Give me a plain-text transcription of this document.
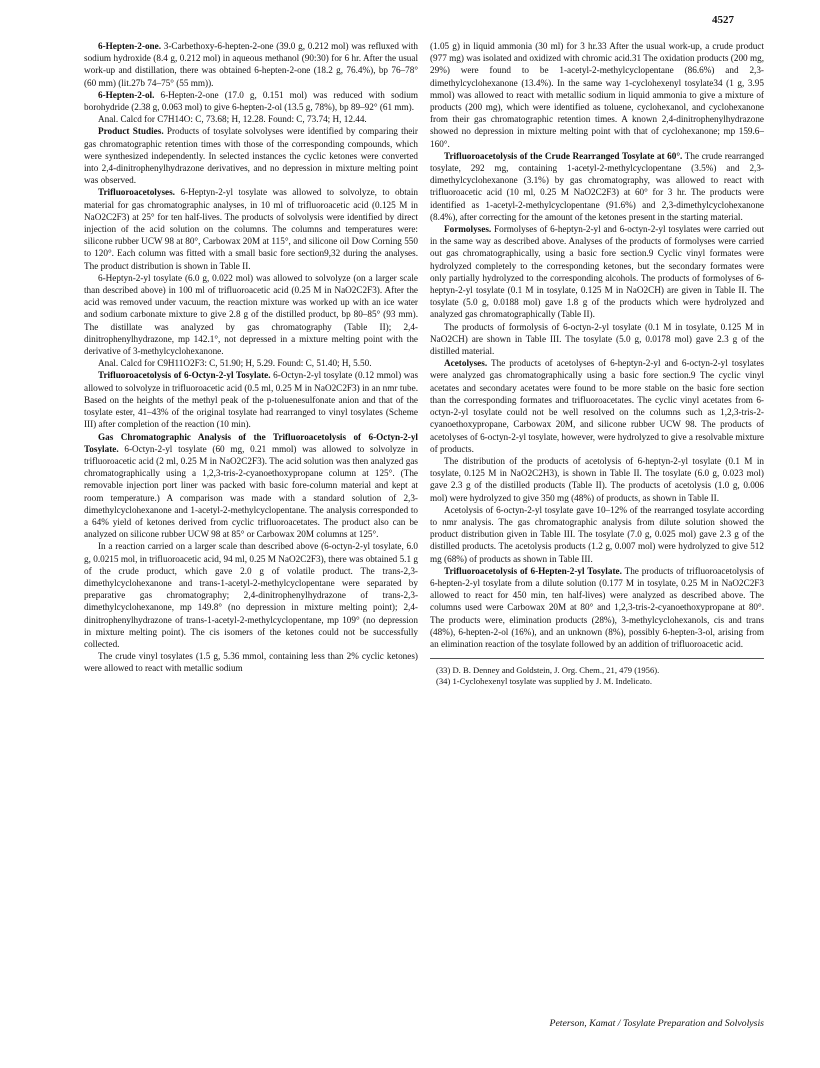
4527

6-Hepten-2-one. 3-Carbethoxy-6-hepten-2-one (39.0 g, 0.212 mol) was refluxed with sodium hydroxide (8.4 g, 0.212 mol) in aqueous methanol (90:30) for 6 hr. After the usual work-up and distillation, there was obtained 6-hepten-2-one (18.2 g, 76.4%), bp 76–78° (60 mm) (lit.27b 74–75° (55 mm)).

6-Hepten-2-ol. 6-Hepten-2-one (17.0 g, 0.151 mol) was reduced with sodium borohydride (2.38 g, 0.063 mol) to give 6-hepten-2-ol (13.5 g, 78%), bp 89–92° (61 mm).

Anal. Calcd for C7H14O: C, 73.68; H, 12.28. Found: C, 73.74; H, 12.44.

Product Studies. Products of tosylate solvolyses were identified by comparing their gas chromatographic retention times with those of the corresponding compounds, which were synthesized independently. In selected instances the cyclic ketones were converted into 2,4-dinitrophenylhydrazone derivatives, and no depression in mixture melting point was observed.

Trifluoroacetolyses. 6-Heptyn-2-yl tosylate was allowed to solvolyze, to obtain material for gas chromatographic analyses, in 10 ml of trifluoroacetic acid (0.125 M in NaO2C2F3) at 25° for ten half-lives. The products of solvolysis were identified by direct injection of the acid solution on the columns. The columns and temperatures were: silicone rubber UCW 98 at 80°, Carbowax 20M at 115°, and silicone oil Dow Corning 550 to 120°. Each column was fitted with a small basic fore section9,32 during the analyses. The product distribution is shown in Table II.

6-Heptyn-2-yl tosylate (6.0 g, 0.022 mol) was allowed to solvolyze (on a larger scale than described above) in 100 ml of trifluoroacetic acid (0.25 M in NaO2C2F3). After the acid was removed under vacuum, the reaction mixture was worked up with an ice water and sodium carbonate mixture to give 2.8 g of the distilled product, bp 80–85° (93 mm). The distillate was analyzed by gas chromatography (Table II); 2,4-dinitrophenylhydrazone, mp 142.1°, not depressed in a mixture melting point with the derivative of 3-methylcyclohexanone.

Anal. Calcd for C9H11O2F3: C, 51.90; H, 5.29. Found: C, 51.40; H, 5.50.

Trifluoroacetolysis of 6-Octyn-2-yl Tosylate. 6-Octyn-2-yl tosylate (0.12 mmol) was allowed to solvolyze in trifluoroacetic acid (0.5 ml, 0.25 M in NaO2C2F3) in an nmr tube. Based on the heights of the methyl peak of the p-toluenesulfonate anion and that of the tosylate ester, 41–43% of the original tosylate had rearranged to vinyl tosylates (Scheme III) after completion of the reaction (10 min).

Gas Chromatographic Analysis of the Trifluoroacetolysis of 6-Octyn-2-yl Tosylate. 6-Octyn-2-yl tosylate (60 mg, 0.21 mmol) was allowed to solvolyze in trifluoroacetic acid (2 ml, 0.25 M in NaO2C2F3). The acid solution was then analyzed gas chromatographically using a 1,2,3-tris-2-cyanoethoxypropane column at 125°. (The removable injection port liner was packed with basic fore-column material and kept at room temperature.) A comparison was made with a standard solution of 2,3-dimethylcyclohexanone and 1-acetyl-2-methylcyclopentane. The analysis corresponded to a 64% yield of ketones derived from cyclic trifluoroacetates. The product also can be analyzed on silicone rubber UCW 98 at 85° or Carbowax 20M columns at 125°.

In a reaction carried on a larger scale than described above (6-octyn-2-yl tosylate, 6.0 g, 0.0215 mol, in trifluoroacetic acid, 94 ml, 0.25 M NaO2C2F3), there was obtained 5.1 g of the crude product, which gave 2.0 g of volatile product. The trans-2,3-dimethylcyclohexanone and trans-1-acetyl-2-methylcyclopentane were separated by preparative gas chromatography; 2,4-dinitrophenylhydrazone of trans-2,3-dimethylcyclohexanone, mp 149.8° (no depression in mixture melting point); 2,4-dinitrophenylhydrazone of trans-1-acetyl-2-methylcyclopentane, mp 109° (no depression in mixture melting point). The cis isomers of the ketones could not be successfully collected.

The crude vinyl tosylates (1.5 g, 5.36 mmol, containing less than 2% cyclic ketones) were allowed to react with metallic sodium

(1.05 g) in liquid ammonia (30 ml) for 3 hr.33 After the usual work-up, a crude product (977 mg) was isolated and oxidized with chromic acid.31 The oxidation products (200 mg, 29%) were found to be 1-acetyl-2-methylcyclopentane (86.6%) and 2,3-dimethylcyclohexanone (13.4%). In the same way 1-cyclohexenyl tosylate34 (1 g, 3.95 mmol) was allowed to react with metallic sodium in liquid ammonia to give a mixture of products (200 mg), which were identified as toluene, cyclohexanol, and cyclohexanone from their gas chromatographic retention times. A known 2,4-dinitrophenylhydrazone showed no depression in mixture melting point with that of cyclohexanone; mp 159.6–160°.

Trifluoroacetolysis of the Crude Rearranged Tosylate at 60°. The crude rearranged tosylate, 292 mg, containing 1-acetyl-2-methylcyclopentane (3.5%) and 2,3-dimethylcyclohexanone (3.1%) by gas chromatography, was allowed to react with trifluoroacetic acid (10 ml, 0.25 M NaO2C2F3) at 60° for 3 hr. The products were identified as 1-acetyl-2-methylcyclopentane (91.6%) and 2,3-dimethylcyclohexanone (8.4%), after correcting for the amount of the ketones present in the starting material.

Formolyses. Formolyses of 6-heptyn-2-yl and 6-octyn-2-yl tosylates were carried out in the same way as described above. Analyses of the products of formolyses were carried out gas chromatographically, using a basic fore section.9 Cyclic vinyl formates were hydrolyzed completely to the corresponding ketones, but the secondary formates were only partially hydrolyzed to the corresponding alcohols. The products of formolyses of 6-heptyn-2-yl tosylate (0.1 M in tosylate, 0.125 M in NaO2CH) are given in Table II. The tosylate (5.0 g, 0.0188 mol) gave 1.8 g of the products which were hydrolyzed and analyzed gas chromatographically (Table II).

The products of formolysis of 6-octyn-2-yl tosylate (0.1 M in tosylate, 0.125 M in NaO2CH) are shown in Table III. The tosylate (5.0 g, 0.0178 mol) gave 2.3 g of the distilled material.

Acetolyses. The products of acetolyses of 6-heptyn-2-yl and 6-octyn-2-yl tosylates were analyzed gas chromatographically using a basic fore section.9 The cyclic vinyl acetates and secondary acetates were found to be more stable on the basic fore section than the corresponding formates and trifluoroacetates. The cyclic vinyl acetates from 6-octyn-2-yl tosylate could not be well resolved on the columns such as 1,2,3-tris-2-cyanoethoxypropane, Carbowax 20M, and silicone rubber UCW 98. The products of acetolyses of 6-octyn-2-yl tosylate, however, were hydrolyzed to give a resolvable mixture of products.

The distribution of the products of acetolysis of 6-heptyn-2-yl tosylate (0.1 M in tosylate, 0.125 M in NaO2C2H3), is shown in Table II. The tosylate (6.0 g, 0.023 mol) gave 2.3 g of the distilled products (Table II). The products of acetolysis (1.0 g, 0.006 mol) were hydrolyzed to give 350 mg (48%) of products, as shown in Table II.

Acetolysis of 6-octyn-2-yl tosylate gave 10–12% of the rearranged tosylate according to nmr analysis. The gas chromatographic analysis from dilute solution showed the product distribution given in Table III. The tosylate (7.0 g, 0.025 mol) gave 2.3 g of the distilled products. The acetolysis products (1.2 g, 0.007 mol) were hydrolyzed to give 512 mg (68%) of products as shown in Table III.

Trifluoroacetolysis of 6-Hepten-2-yl Tosylate. The products of trifluoroacetolysis of 6-hepten-2-yl tosylate from a dilute solution (0.177 M in tosylate, 0.25 M in NaO2C2F3 allowed to react for 450 min, ten half-lives) were analyzed as described above. The columns used were Carbowax 20M at 80° and 1,2,3-tris-2-cyanoethoxypropane at 80°. The products were, elimination products (28%), 3-methylcyclohexanols, cis and trans (48%), 6-hepten-2-ol (16%), and an unknown (8%), possibly 6-hepten-3-ol, arising from an elimination reaction of the tosylate followed by an addition of trifluoroacetic acid.

(33) D. B. Denney and Goldstein, J. Org. Chem., 21, 479 (1956).
(34) 1-Cyclohexenyl tosylate was supplied by J. M. Indelicato.
Peterson, Kamat / Tosylate Preparation and Solvolysis
